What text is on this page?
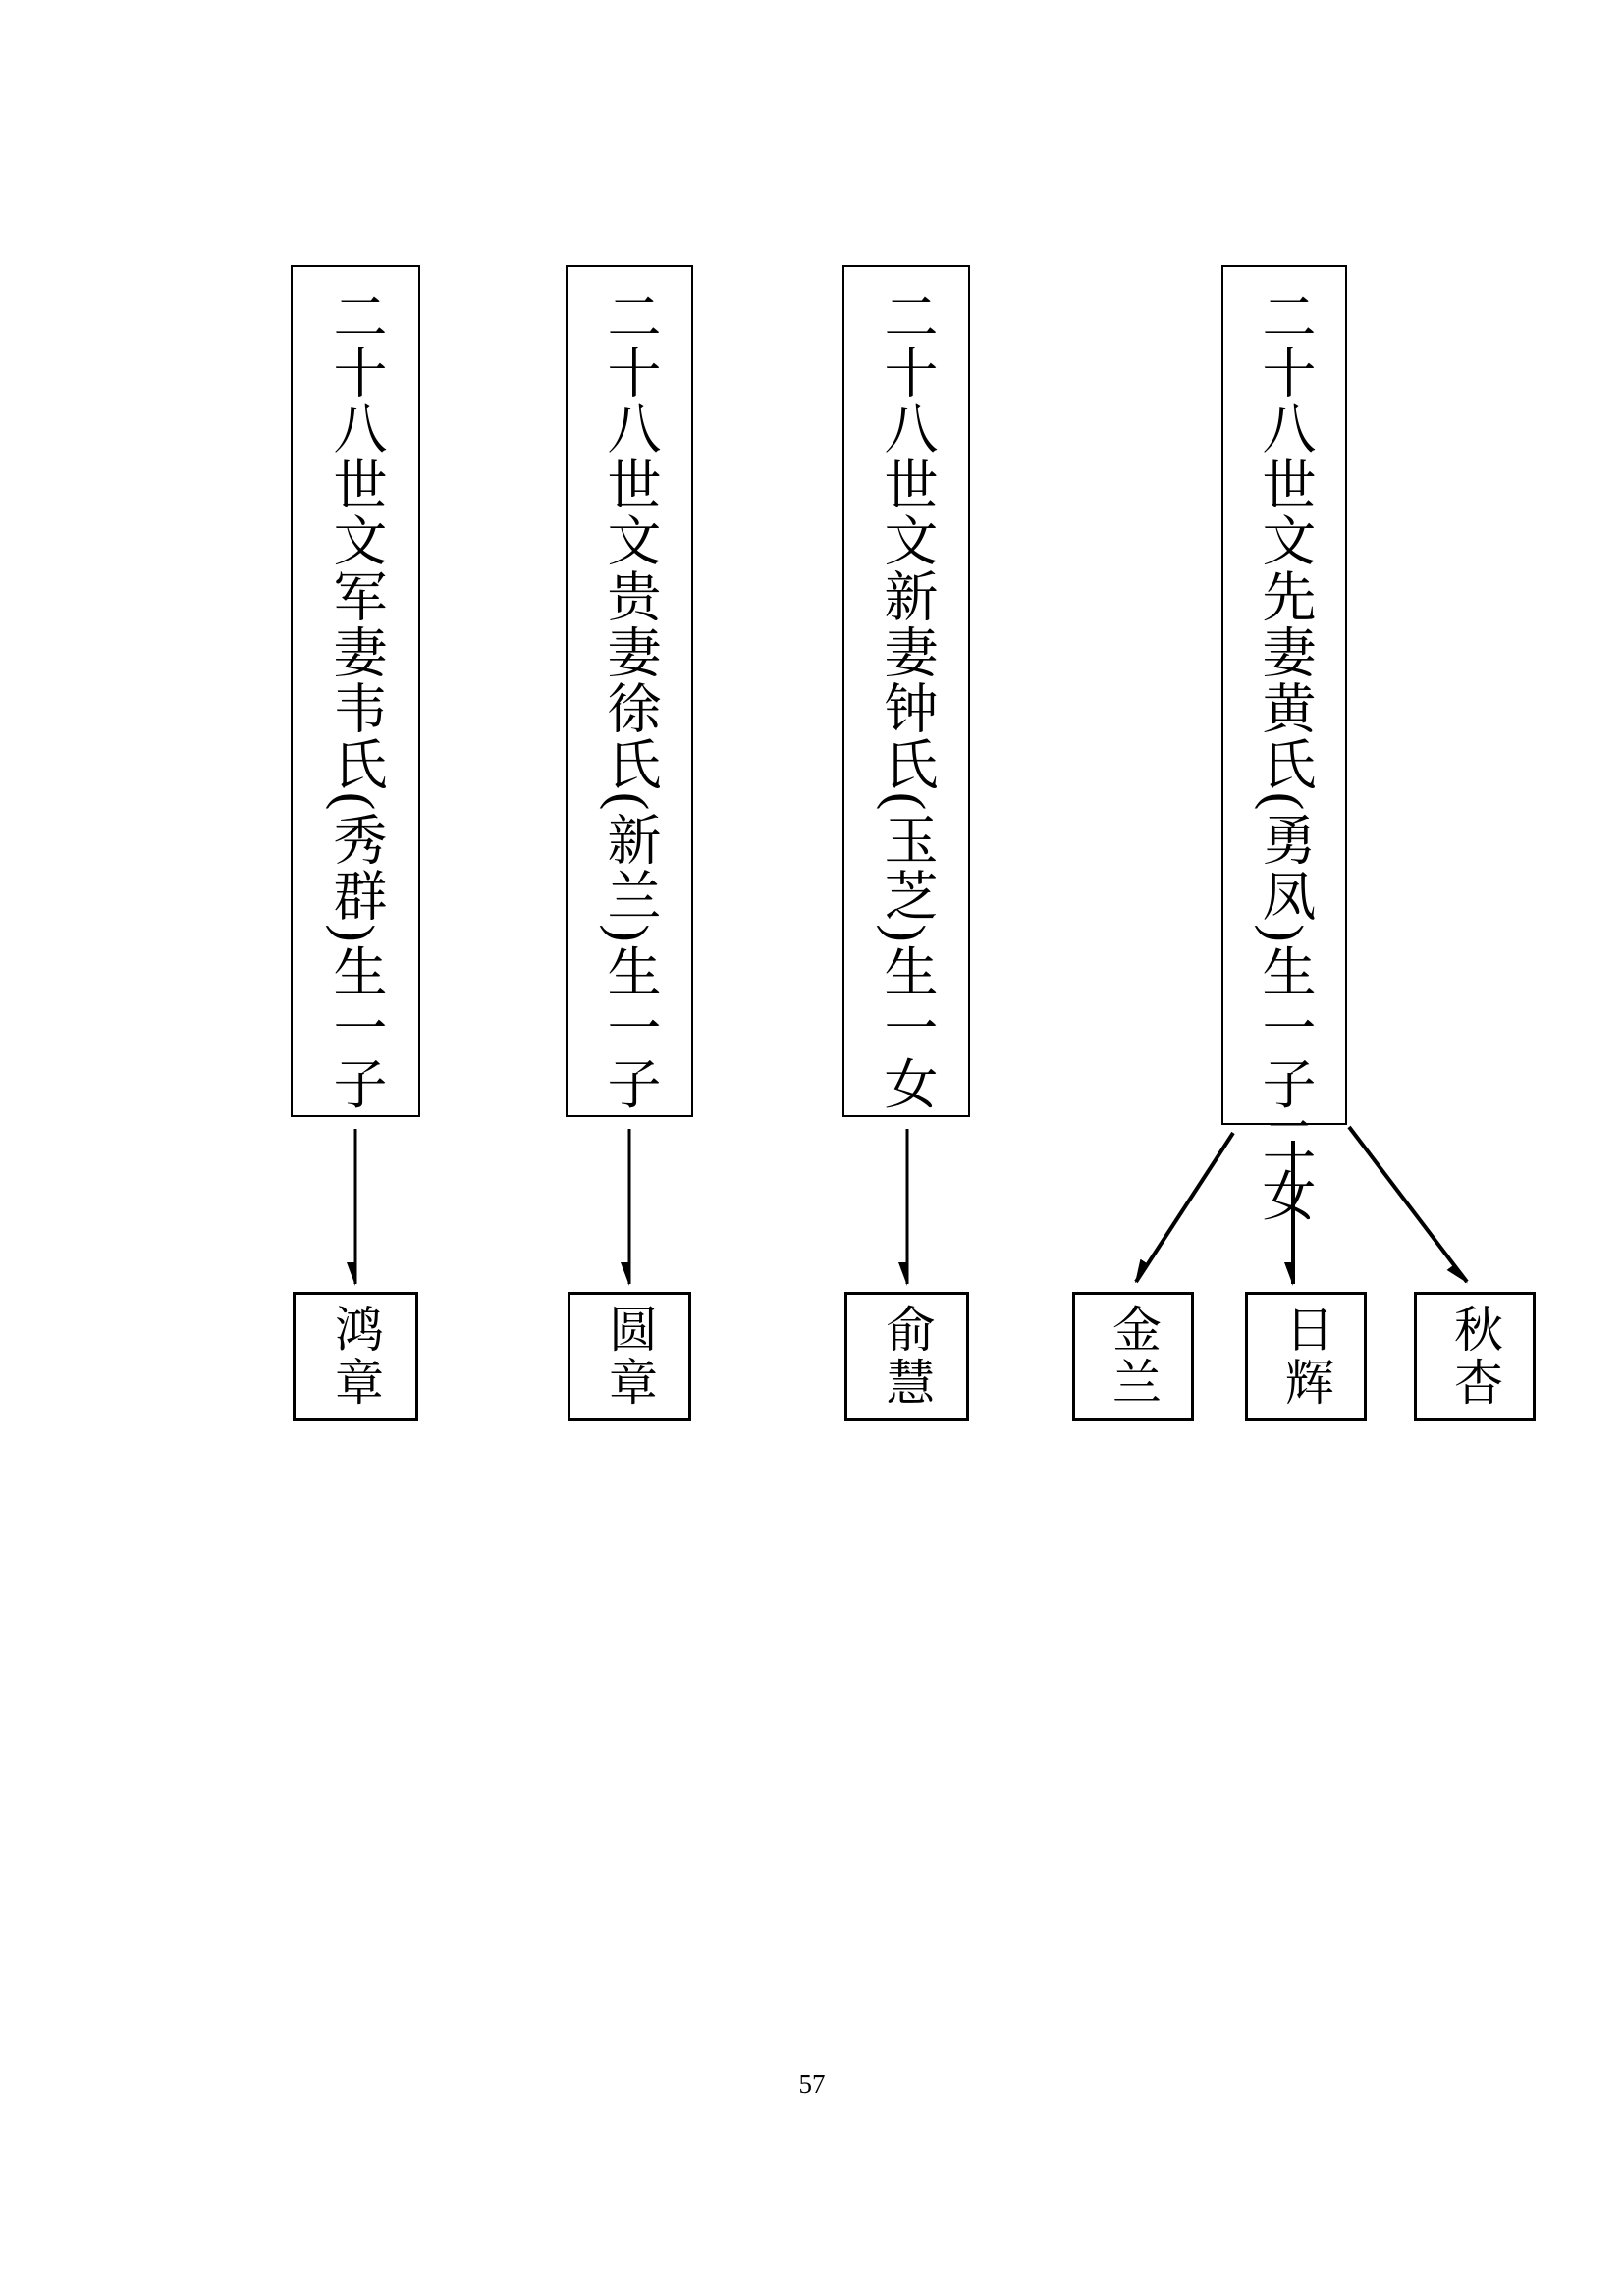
二十八世文军妻韦氏(秀群)生一子	二十八世文贵妻徐氏(新兰)生一子	二十八世文新妻钟氏(玉芝)生一女	二十八世文先妻黄氏(勇凤)生一子二女
鸿章	圆章	俞慧	金兰 日辉 秋杏
57
